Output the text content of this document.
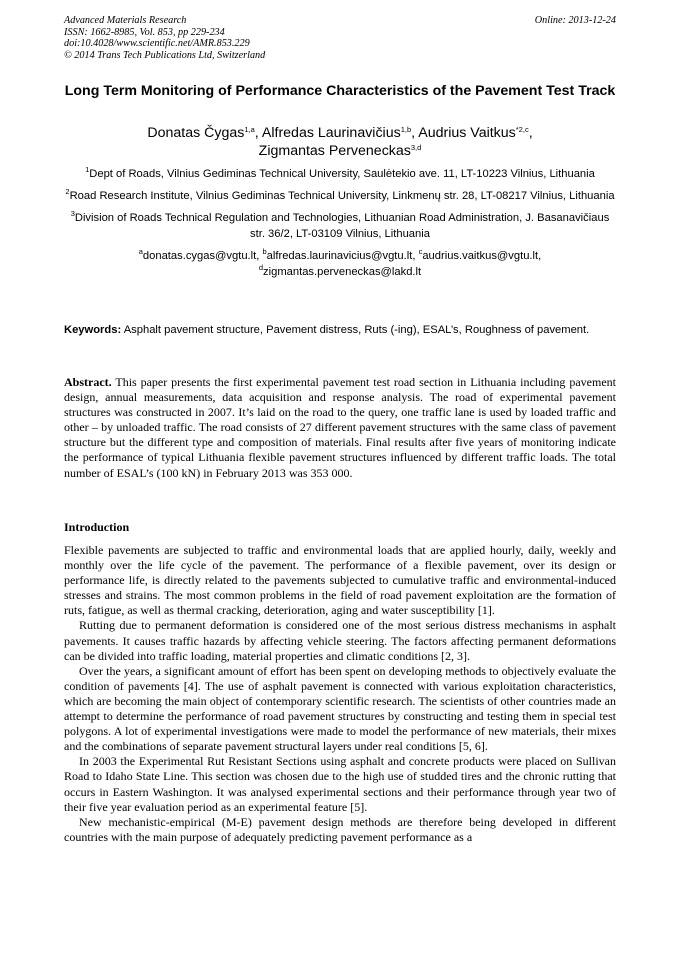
Advanced Materials Research
ISSN: 1662-8985, Vol. 853, pp 229-234
doi:10.4028/www.scientific.net/AMR.853.229
© 2014 Trans Tech Publications Ltd, Switzerland
Online: 2013-12-24
Long Term Monitoring of Performance Characteristics of the Pavement Test Track
Donatas Čygas$^{1,a}$, Alfredas Laurinavičius$^{1,b}$, Audrius Vaitkus$^{*2,c}$,
Zigmantas Perveneckas$^{3,d}$

$^1$Dept of Roads, Vilnius Gediminas Technical University, Saulėtekio ave. 11, LT-10223 Vilnius, Lithuania

$^2$Road Research Institute, Vilnius Gediminas Technical University, Linkmenų str. 28, LT-08217 Vilnius, Lithuania

$^3$Division of Roads Technical Regulation and Technologies, Lithuanian Road Administration, J. Basanavičiaus str. 36/2, LT-03109 Vilnius, Lithuania

$^a$donatas.cygas@vgtu.lt, $^b$alfredas.laurinavicius@vgtu.lt, $^c$audrius.vaitkus@vgtu.lt,
$^d$zigmantas.perveneckas@lakd.lt

Keywords: Asphalt pavement structure, Pavement distress, Ruts (-ing), ESAL’s, Roughness of pavement.
Abstract. This paper presents the first experimental pavement test road section in Lithuania including pavement design, annual measurements, data acquisition and response analysis. The road of experimental pavement structures was constructed in 2007. It’s laid on the road to the query, one traffic lane is used by loaded traffic and other – by unloaded traffic. The road consists of 27 different pavement structures with the same class of pavement structure but the different type and composition of materials. Final results after five years of monitoring indicate the performance of typical Lithuania flexible pavement structures influenced by different traffic loads. The total number of ESAL’s (100 kN) in February 2013 was 353 000.
Introduction

Flexible pavements are subjected to traffic and environmental loads that are applied hourly, daily, weekly and monthly over the life cycle of the pavement. The performance of a flexible pavement, over its design or performance life, is directly related to the pavements subjected to cumulative traffic and environmental-induced stresses and strains. The most common problems in the field of road pavement exploitation are the formation of ruts, fatigue, as well as thermal cracking, deterioration, aging and water susceptibility [1].

Rutting due to permanent deformation is considered one of the most serious distress mechanisms in asphalt pavements. It causes traffic hazards by affecting vehicle steering. The factors affecting permanent deformations can be divided into traffic loading, material properties and climatic conditions [2, 3].

Over the years, a significant amount of effort has been spent on developing methods to objectively evaluate the condition of pavements [4]. The use of asphalt pavement is connected with various exploitation characteristics, which are becoming the main object of contemporary scientific research. The scientists of other countries made an attempt to determine the performance of road pavement structures by constructing and testing them in special test polygons. A lot of experimental investigations were made to model the performance of new materials, their mixes and the combinations of separate pavement structural layers under real conditions [5, 6].

In 2003 the Experimental Rut Resistant Sections using asphalt and concrete products were placed on Sullivan Road to Idaho State Line. This section was chosen due to the high use of studded tires and the chronic rutting that occurs in Eastern Washington. It was analysed experimental sections and their performance through year two of their five year evaluation period as an experimental feature [5].

New mechanistic-empirical (M-E) pavement design methods are therefore being developed in different countries with the main purpose of adequately predicting pavement performance as a
